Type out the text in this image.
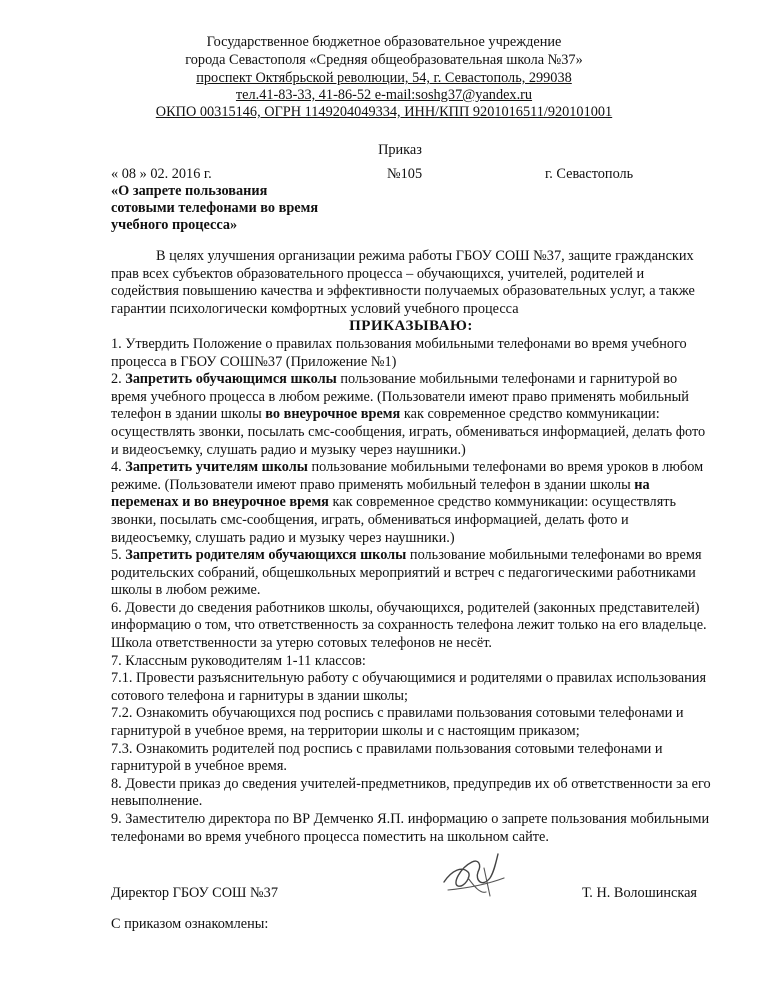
Государственное бюджетное образовательное учреждение
города Севастополя «Средняя общеобразовательная школа №37»
проспект Октябрьской революции, 54, г. Севастополь, 299038
тел.41-83-33, 41-86-52 e-mail:soshg37@yandex.ru
ОКПО 00315146, ОГРН 1149204049334, ИНН/КПП 9201016511/920101001
Приказ
« 08 » 02. 2016 г.	№105	г. Севастополь
«О запрете пользования
сотовыми телефонами во время
учебного процесса»

В целях улучшения организации режима работы ГБОУ СОШ №37, защите гражданских прав всех субъектов образовательного процесса – обучающихся, учителей, родителей и содействия повышению качества и эффективности получаемых образовательных услуг, а также гарантии психологически комфортных условий учебного процесса

ПРИКАЗЫВАЮ:

1. Утвердить Положение о правилах пользования мобильными телефонами во время учебного процесса в ГБОУ СОШ№37 (Приложение №1)

2. Запретить обучающимся школы пользование мобильными телефонами и гарнитурой во время учебного процесса в любом режиме. (Пользователи имеют право применять мобильный телефон в здании школы во внеурочное время как современное средство коммуникации: осуществлять звонки, посылать смс-сообщения, играть, обмениваться информацией, делать фото и видеосъемку, слушать радио и музыку через наушники.)

4. Запретить учителям школы пользование мобильными телефонами во время уроков в любом режиме. (Пользователи имеют право применять мобильный телефон в здании школы на переменах и во внеурочное время как современное средство коммуникации: осуществлять звонки, посылать смс-сообщения, играть, обмениваться информацией, делать фото и видеосъемку, слушать радио и музыку через наушники.)

5. Запретить родителям обучающихся школы пользование мобильными телефонами во время родительских собраний, общешкольных мероприятий и встреч с педагогическими работниками школы в любом режиме.

6. Довести до сведения работников школы, обучающихся, родителей (законных представителей) информацию о том, что ответственность за сохранность телефона лежит только на его владельце. Школа ответственности за утерю сотовых телефонов не несёт.

7. Классным руководителям 1-11 классов:

7.1. Провести разъяснительную работу с обучающимися и родителями о правилах использования сотового телефона и гарнитуры в здании школы;

7.2. Ознакомить обучающихся под роспись с правилами пользования сотовыми телефонами и гарнитурой в учебное время, на территории школы и с настоящим приказом;

7.3. Ознакомить родителей под роспись с правилами пользования сотовыми телефонами и гарнитурой в учебное время.

8. Довести приказ до сведения учителей-предметников, предупредив их об ответственности за его невыполнение.

9. Заместителю директора по ВР Демченко Я.П. информацию о запрете пользования мобильными телефонами во время учебного процесса поместить на школьном сайте.

Директор ГБОУ СОШ №37	Т. Н. Волошинская
С приказом ознакомлены:
